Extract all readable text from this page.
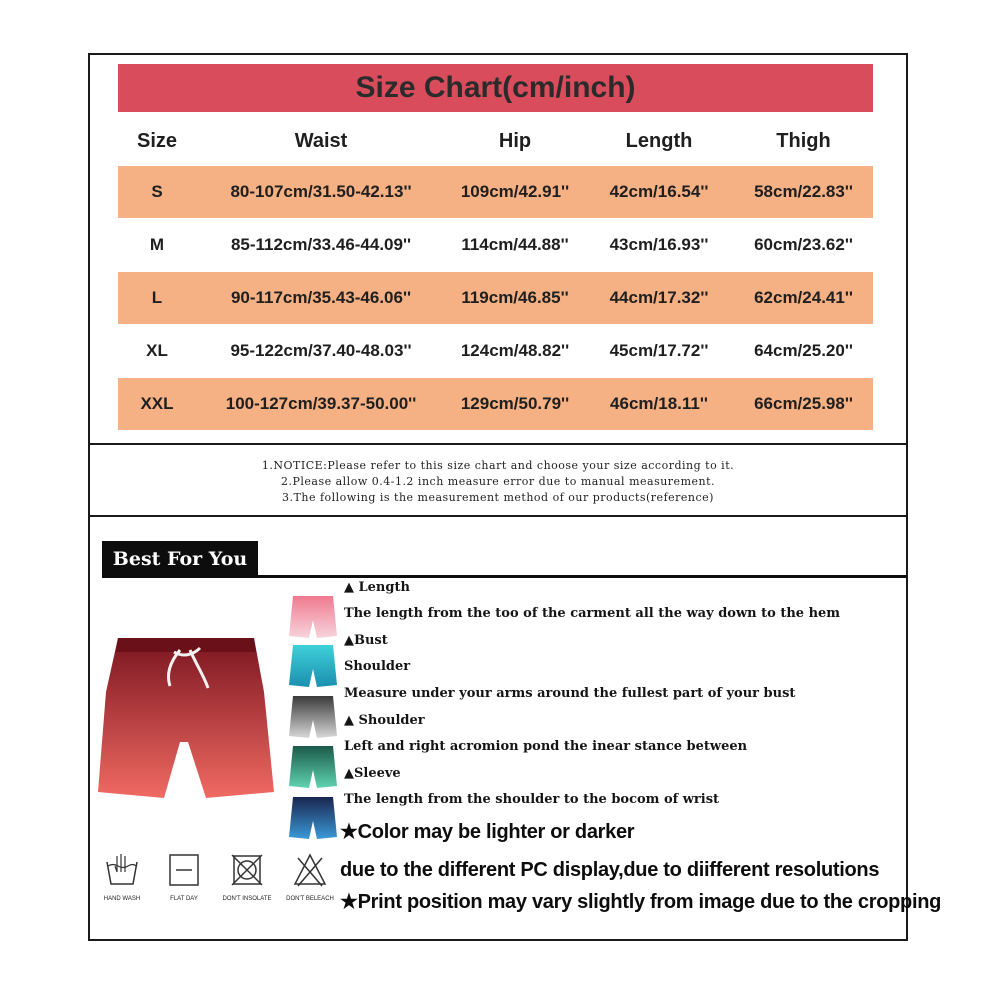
Size Chart(cm/inch)
Size	Waist	Hip	Length	Thigh
S	80-107cm/31.50-42.13''	109cm/42.91''	42cm/16.54''	58cm/22.83''
M	85-112cm/33.46-44.09''	114cm/44.88''	43cm/16.93''	60cm/23.62''
L	90-117cm/35.43-46.06''	119cm/46.85''	44cm/17.32''	62cm/24.41''
XL	95-122cm/37.40-48.03''	124cm/48.82''	45cm/17.72''	64cm/25.20''
XXL	100-127cm/39.37-50.00''	129cm/50.79''	46cm/18.11''	66cm/25.98''
1.NOTICE:Please refer to this size chart and choose your size according to it.
2.Please allow 0.4-1.2 inch measure error due to manual measurement.
3.The following is the measurement method of our products(reference)
Best For You
▲ Length
The length from the too of the carment all the way down to the hem
▲Bust
Shoulder
Measure under your arms around the fullest part of your bust
▲ Shoulder
Left and right acromion pond the inear stance between
▲Sleeve
The length from the shoulder to the bocom of wrist
★Color may be lighter or darker
due to the different PC display,due to diifferent resolutions
★Print position may vary slightly from image due to the cropping
HAND WASH	FLAT DAY	DON'T INSOLATE	DON'T BELEACH
